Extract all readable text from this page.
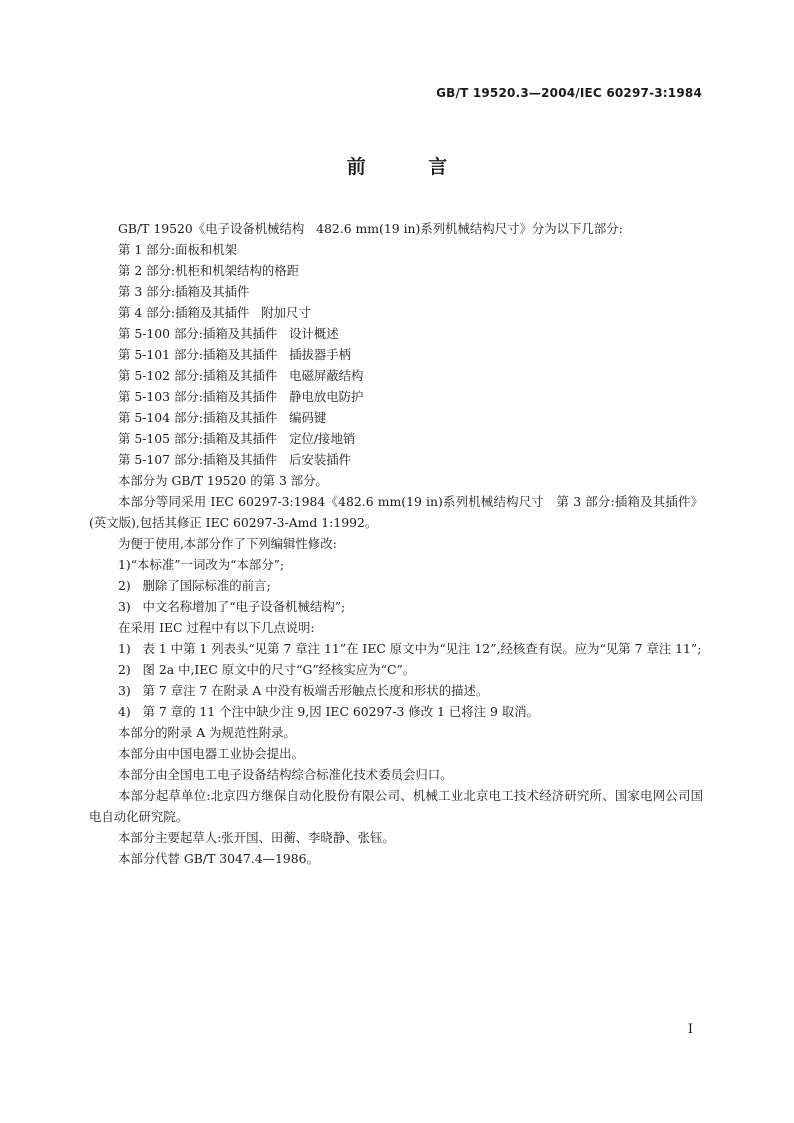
GB/T 19520.3—2004/IEC 60297-3:1984
前 言

GB/T 19520《电子设备机械结构   482.6 mm(19 in)系列机械结构尺寸》分为以下几部分:

第 1 部分:面板和机架

第 2 部分:机柜和机架结构的格距

第 3 部分:插箱及其插件

第 4 部分:插箱及其插件   附加尺寸

第 5-100 部分:插箱及其插件   设计概述

第 5-101 部分:插箱及其插件   插拔器手柄

第 5-102 部分:插箱及其插件   电磁屏蔽结构

第 5-103 部分:插箱及其插件   静电放电防护

第 5-104 部分:插箱及其插件   编码键

第 5-105 部分:插箱及其插件   定位/接地销

第 5-107 部分:插箱及其插件   后安装插件

本部分为 GB/T 19520 的第 3 部分。

本部分等同采用 IEC 60297-3:1984《482.6 mm(19 in)系列机械结构尺寸   第 3 部分:插箱及其插件》(英文版),包括其修正 IEC 60297-3-Amd 1:1992。

为便于使用,本部分作了下列编辑性修改:

1)“本标准”一词改为“本部分”;

2)   删除了国际标准的前言;

3)   中文名称增加了“电子设备机械结构”;

在采用 IEC 过程中有以下几点说明:

1)   表 1 中第 1 列表头“见第 7 章注 11”在 IEC 原文中为“见注 12”,经核查有误。应为“见第 7 章注 11”;

2)   图 2a 中,IEC 原文中的尺寸“G”经核实应为“C”。

3)   第 7 章注 7 在附录 A 中没有板端舌形触点长度和形状的描述。

4)   第 7 章的 11 个注中缺少注 9,因 IEC 60297-3 修改 1 已将注 9 取消。

本部分的附录 A 为规范性附录。

本部分由中国电器工业协会提出。

本部分由全国电工电子设备结构综合标准化技术委员会归口。

本部分起草单位:北京四方继保自动化股份有限公司、机械工业北京电工技术经济研究所、国家电网公司国电自动化研究院。

本部分主要起草人:张开国、田蘅、李晓静、张钰。

本部分代替 GB/T 3047.4—1986。

I
